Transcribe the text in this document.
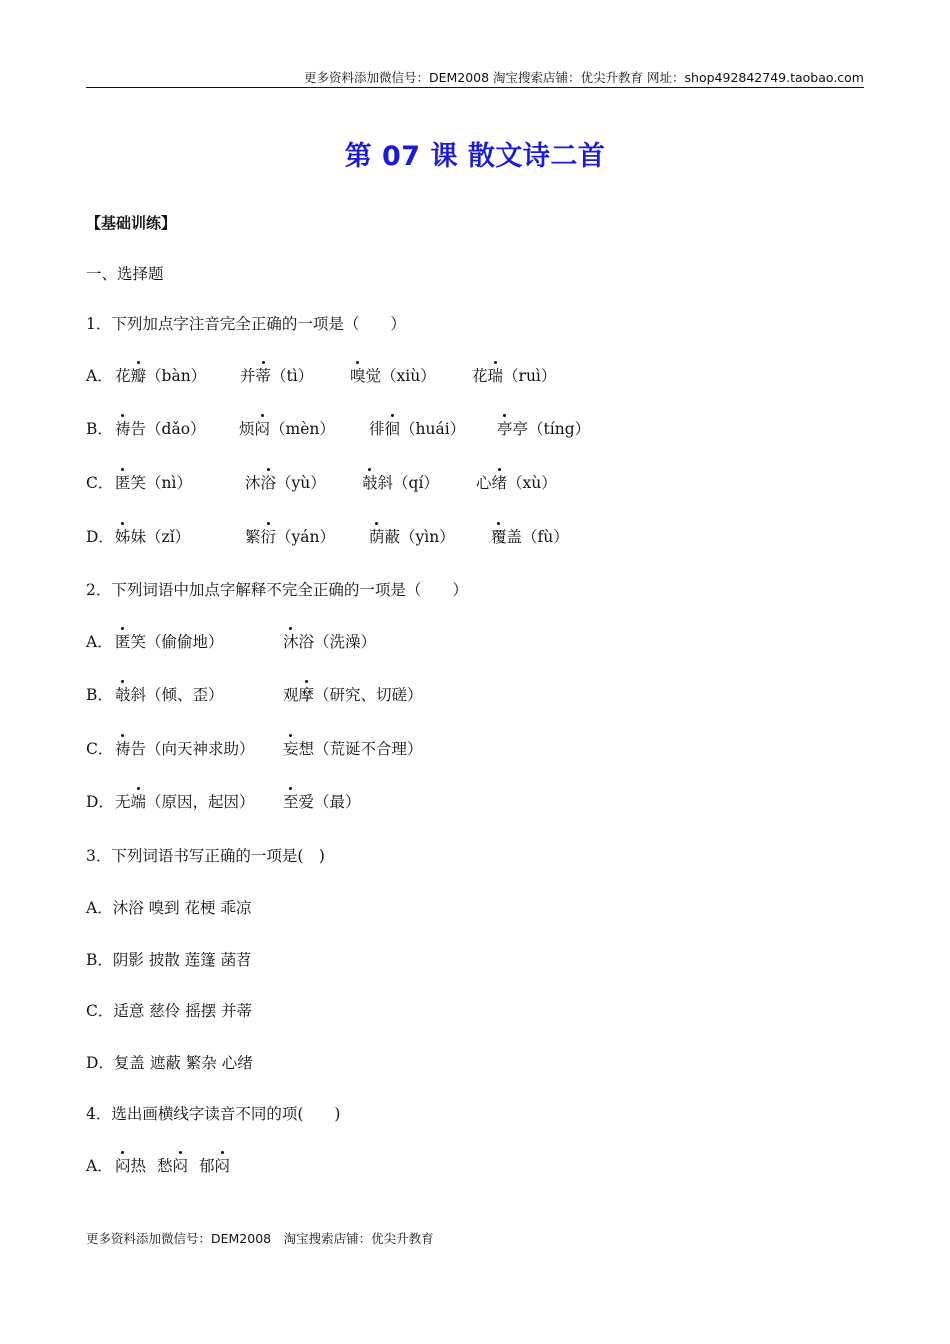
更多资料添加微信号：DEM2008 淘宝搜索店铺：优尖升教育 网址：shop492842749.taobao.com
第 07 课 散文诗二首
【基础训练】
一、选择题
1．下列加点字注音完全正确的一项是（　　）
A． 花瓣（bàn） 并蒂（tì） 嗅觉（xiù） 花瑞（ruì）
B． 祷告（dǎo） 烦闷（mèn） 徘徊（huái） 亭亭（tíng）
C． 匿笑（nì）	沐浴（yù） 攲斜（qí） 心绪（xù）
D． 姊妹（zǐ）	繁衍（yán） 荫蔽（yìn） 覆盖（fù）
2．下列词语中加点字解释不完全正确的一项是（　　）
A． 匿笑（偷偷地）	沐浴（洗澡）
B． 攲斜（倾、歪）	观摩（研究、切磋）
C． 祷告（向天神求助） 妄想（荒诞不合理）
D． 无端（原因，起因） 至爱（最）
3．下列词语书写正确的一项是(　)
A．沐浴 嗅到 花梗 乖凉
B．阴影 披散 莲篷 菡苕
C．适意 慈伶 摇摆 并蒂
D．复盖 遮蔽 繁杂 心绪
4．选出画横线字读音不同的项(　　)
A． 闷热 愁闷 郁闷
更多资料添加微信号：DEM2008　淘宝搜索店铺：优尖升教育
